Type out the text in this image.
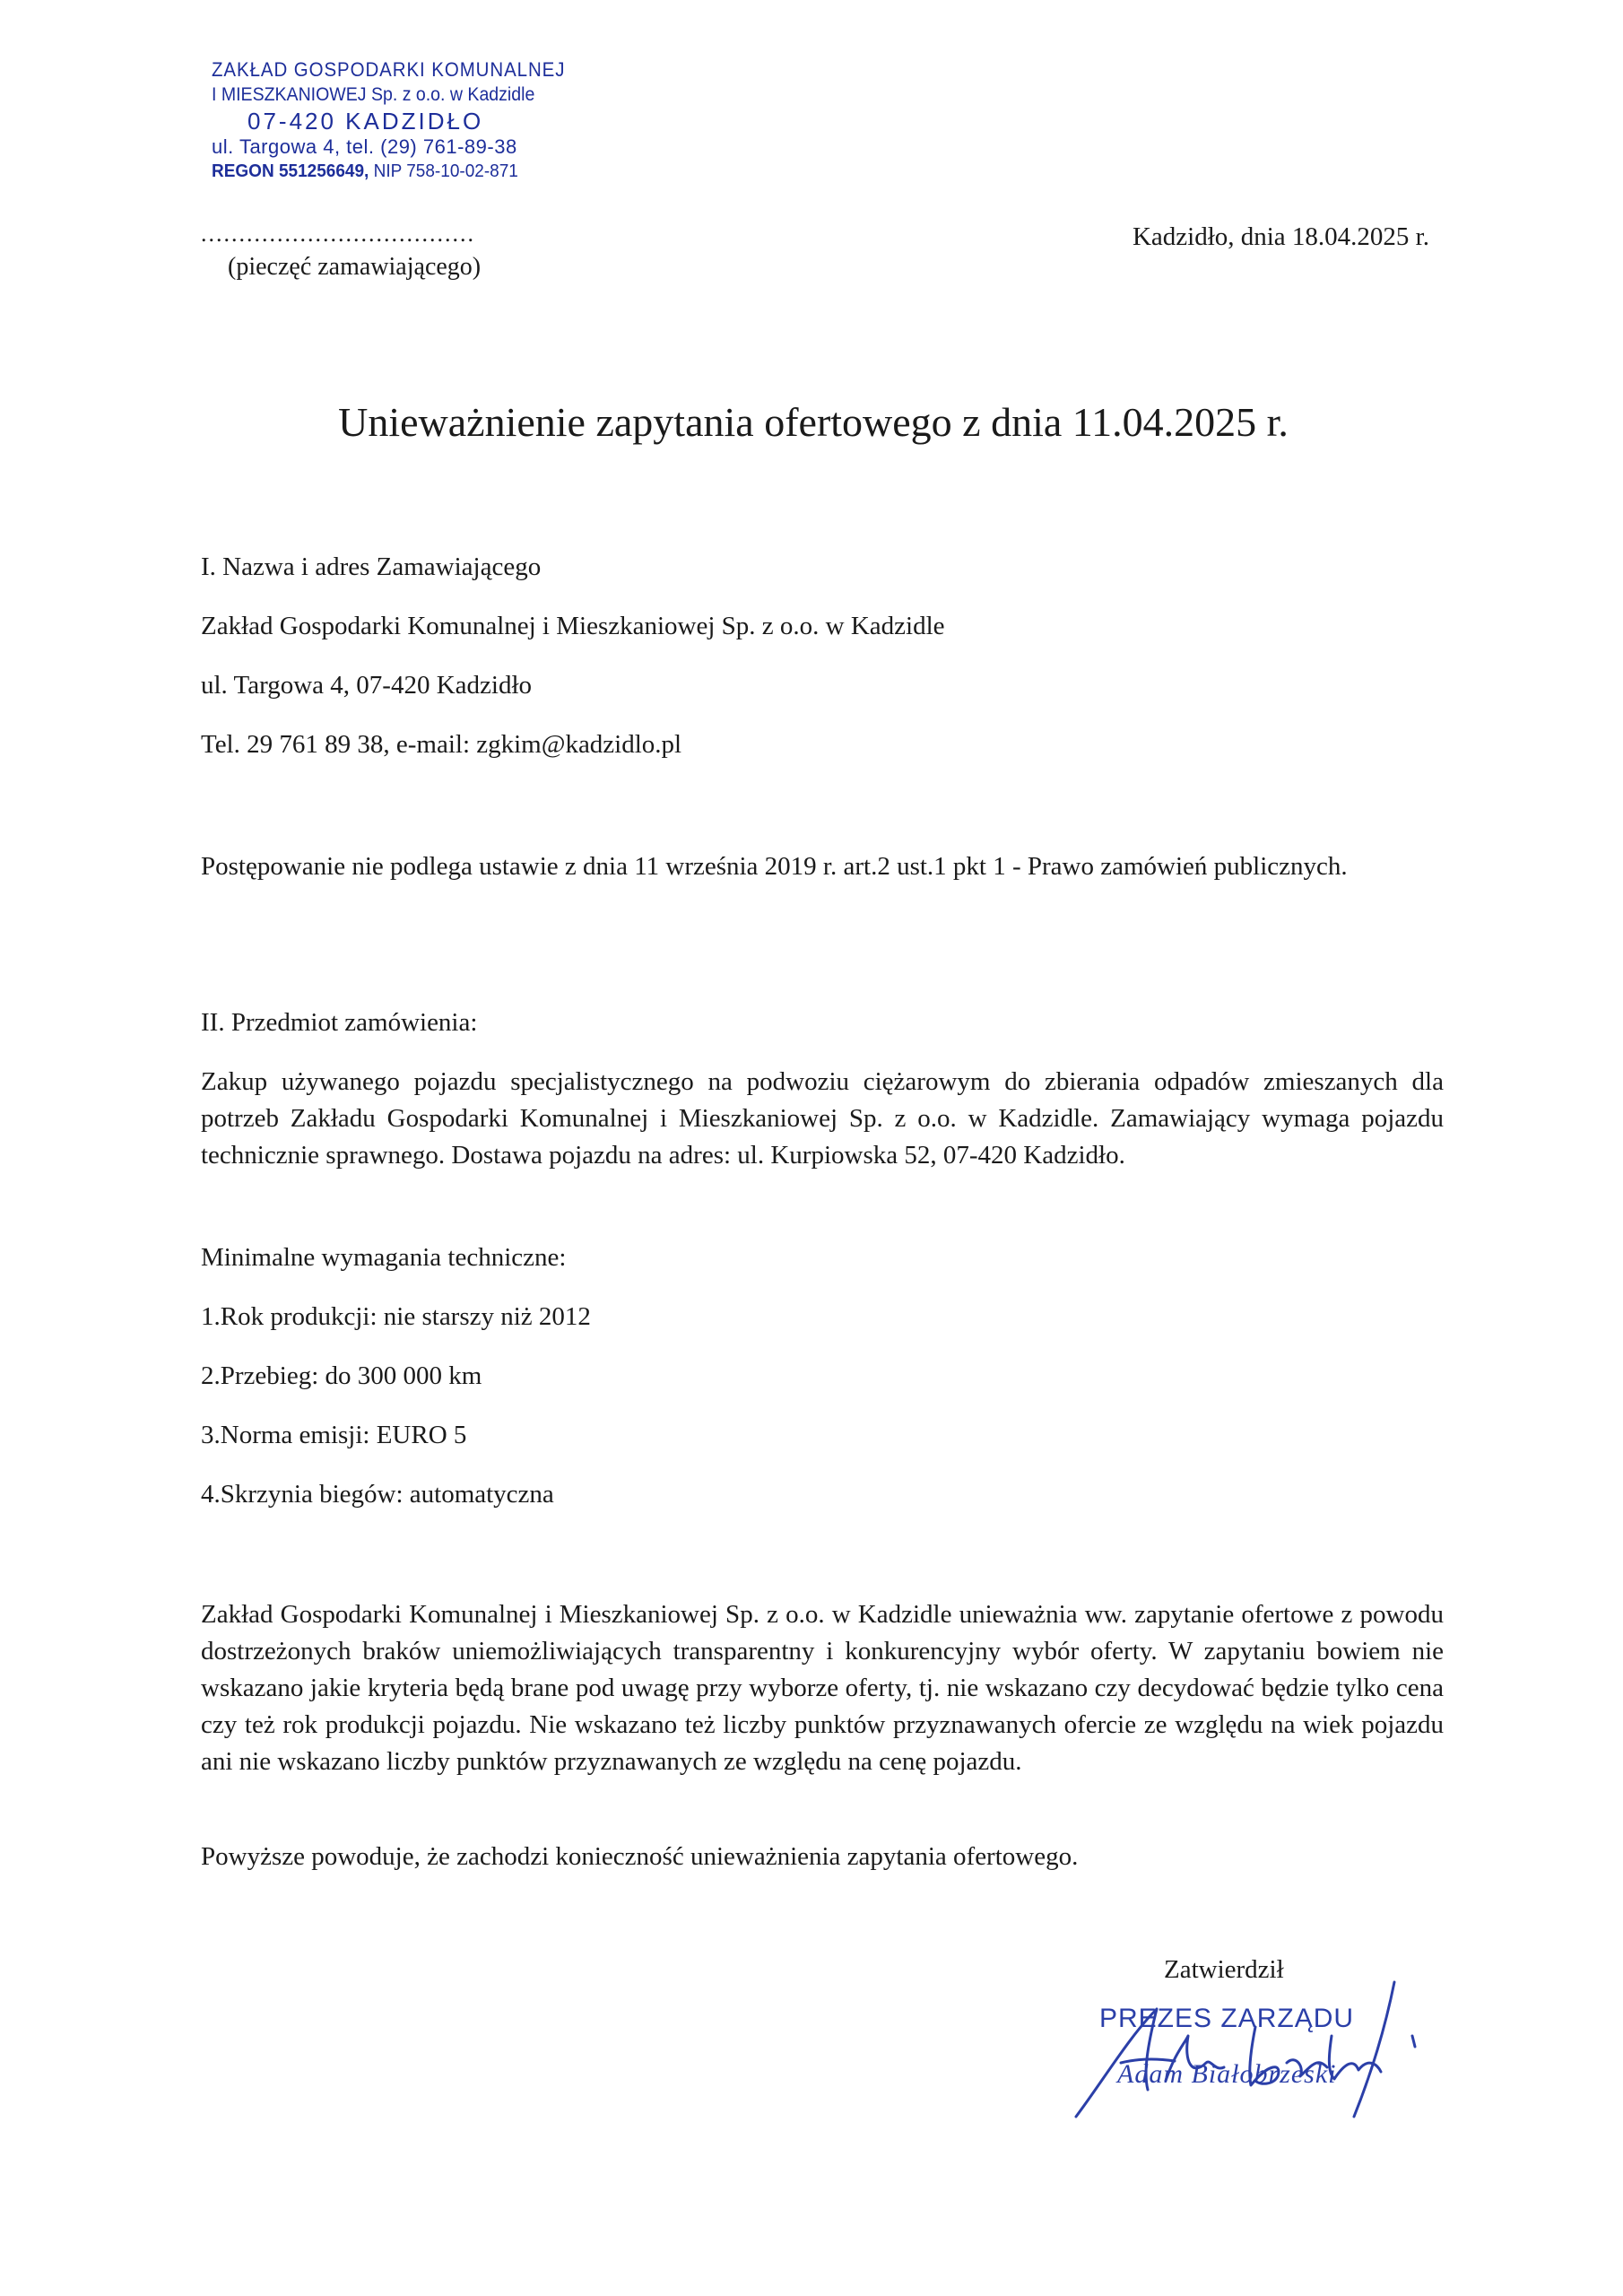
ZAKŁAD GOSPODARKI KOMUNALNEJ
I MIESZKANIOWEJ Sp. z o.o. w Kadzidle
07-420 KADZIDŁO
ul. Targowa 4, tel. (29) 761-89-38
REGON 551256649, NIP 758-10-02-871
....................................
(pieczęć zamawiającego)
Kadzidło, dnia 18.04.2025 r.
Unieważnienie zapytania ofertowego z dnia 11.04.2025 r.
I. Nazwa i adres Zamawiającego
Zakład Gospodarki Komunalnej i Mieszkaniowej Sp. z o.o. w Kadzidle
ul. Targowa 4, 07-420 Kadzidło
Tel. 29 761 89 38, e-mail: zgkim@kadzidlo.pl
Postępowanie nie podlega ustawie z dnia 11 września 2019 r. art.2 ust.1 pkt 1 - Prawo zamówień publicznych.
II. Przedmiot zamówienia:
Zakup używanego pojazdu specjalistycznego na podwoziu ciężarowym do zbierania odpadów zmieszanych dla potrzeb Zakładu Gospodarki Komunalnej i Mieszkaniowej Sp. z o.o. w Kadzidle. Zamawiający wymaga pojazdu technicznie sprawnego. Dostawa pojazdu na adres: ul. Kurpiowska 52, 07-420 Kadzidło.
Minimalne wymagania techniczne:
1.Rok produkcji: nie starszy niż 2012
2.Przebieg: do 300 000 km
3.Norma emisji: EURO 5
4.Skrzynia biegów: automatyczna
Zakład Gospodarki Komunalnej i Mieszkaniowej Sp. z o.o. w Kadzidle unieważnia ww. zapytanie ofertowe z powodu dostrzeżonych braków uniemożliwiających transparentny i konkurencyjny wybór oferty. W zapytaniu bowiem nie wskazano jakie kryteria będą brane pod uwagę przy wyborze oferty, tj. nie wskazano czy decydować będzie tylko cena czy też rok produkcji pojazdu. Nie wskazano też liczby punktów przyznawanych ofercie ze względu na wiek pojazdu ani nie wskazano liczby punktów przyznawanych ze względu na cenę pojazdu.
Powyższe powoduje, że zachodzi konieczność unieważnienia zapytania ofertowego.
Zatwierdził
PREZES ZARZĄDU
Adam Białobrzeski
